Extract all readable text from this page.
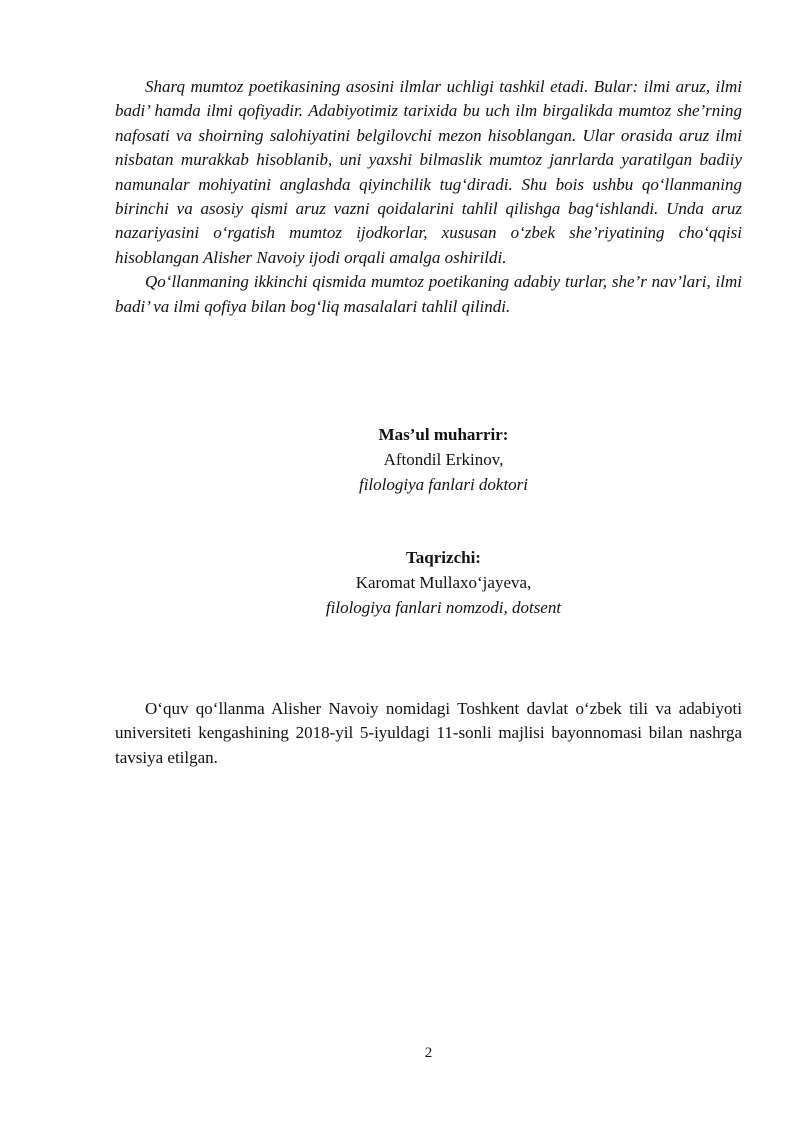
Sharq mumtoz poetikasining asosini ilmlar uchligi tashkil etadi. Bular: ilmi aruz, ilmi badi’ hamda ilmi qofiyadir. Adabiyotimiz tarixida bu uch ilm birgalikda mumtoz she’rning nafosati va shoirning salohiyatini belgilovchi mezon hisoblangan. Ular orasida aruz ilmi nisbatan murakkab hisoblanib, uni yaxshi bilmaslik mumtoz janrlarda yaratilgan badiiy namunalar mohiyatini anglashda qiyinchilik tug‘diradi. Shu bois ushbu qo‘llanmaning birinchi va asosiy qismi aruz vazni qoidalarini tahlil qilishga bag‘ishlandi. Unda aruz nazariyasini o‘rgatish mumtoz ijodkorlar, xususan o‘zbek she’riyatining cho‘qqisi hisoblangan Alisher Navoiy ijodi orqali amalga oshirildi.

Qo‘llanmaning ikkinchi qismida mumtoz poetikaning adabiy turlar, she’r nav’lari, ilmi badi’ va ilmi qofiya bilan bog‘liq masalalari tahlil qilindi.

Mas’ul muharrir:
Aftondil Erkinov,
filologiya fanlari doktori
Taqrizchi:
Karomat Mullaxo‘jayeva,
filologiya fanlari nomzodi, dotsent

O‘quv qo‘llanma Alisher Navoiy nomidagi Toshkent davlat o‘zbek tili va adabiyoti universiteti kengashining 2018-yil 5-iyuldagi 11-sonli majlisi bayonnomasi bilan nashrga tavsiya etilgan.

2
